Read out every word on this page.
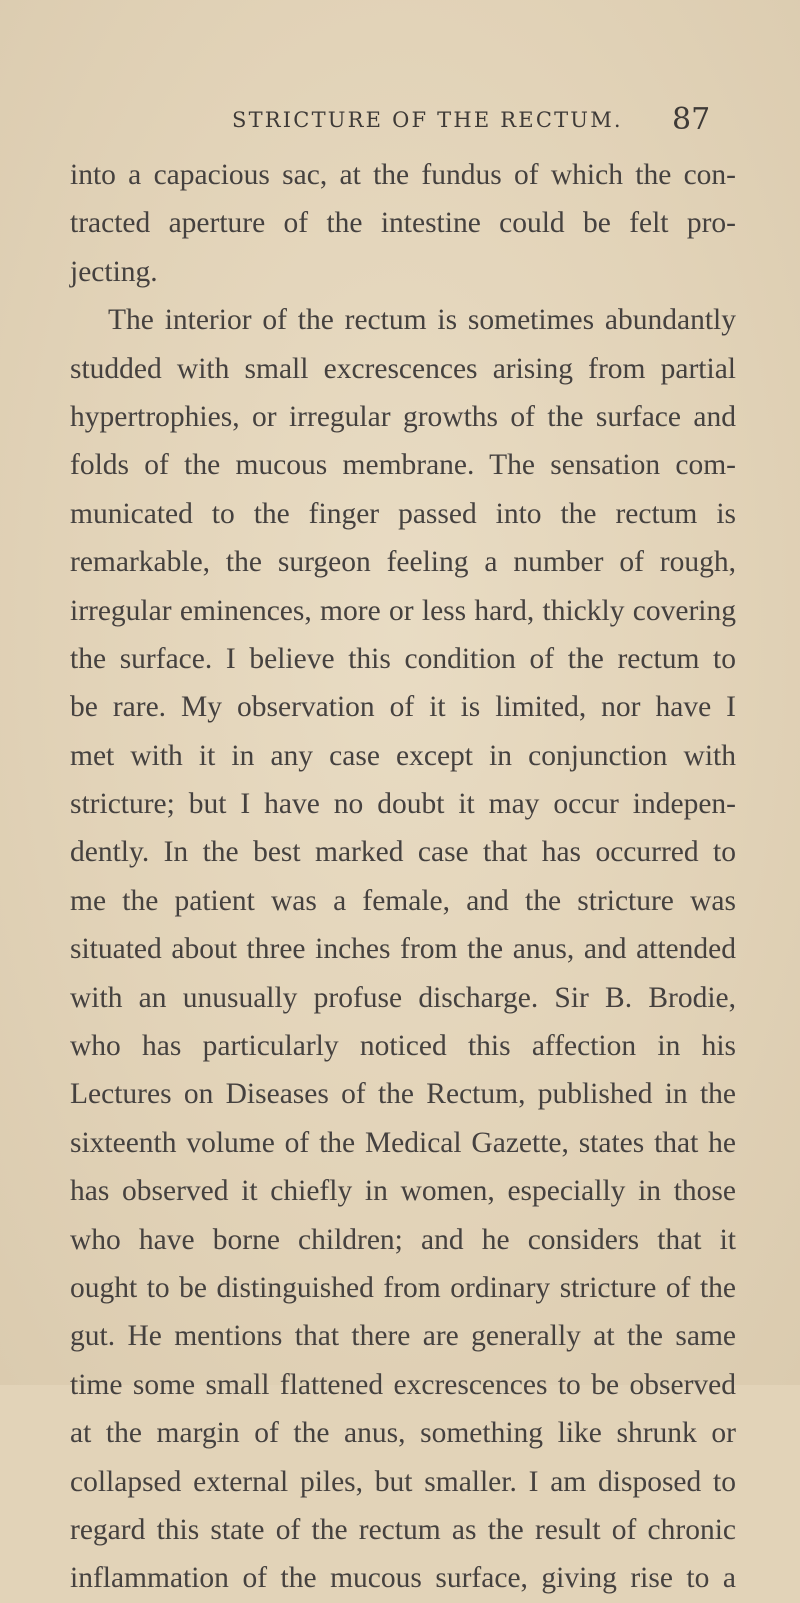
STRICTURE OF THE RECTUM. 87
into a capacious sac, at the fundus of which the con-
tracted aperture of the intestine could be felt pro-
jecting.
The interior of the rectum is sometimes abundantly
studded with small excrescences arising from partial
hypertrophies, or irregular growths of the surface and
folds of the mucous membrane. The sensation com-
municated to the finger passed into the rectum is
remarkable, the surgeon feeling a number of rough,
irregular eminences, more or less hard, thickly covering
the surface. I believe this condition of the rectum to
be rare. My observation of it is limited, nor have I
met with it in any case except in conjunction with
stricture; but I have no doubt it may occur indepen-
dently. In the best marked case that has occurred to
me the patient was a female, and the stricture was
situated about three inches from the anus, and attended
with an unusually profuse discharge. Sir B. Brodie,
who has particularly noticed this affection in his
Lectures on Diseases of the Rectum, published in the
sixteenth volume of the Medical Gazette, states that he
has observed it chiefly in women, especially in those
who have borne children; and he considers that it
ought to be distinguished from ordinary stricture of the
gut. He mentions that there are generally at the same
time some small flattened excrescences to be observed
at the margin of the anus, something like shrunk or
collapsed external piles, but smaller. I am disposed to
regard this state of the rectum as the result of chronic
inflammation of the mucous surface, giving rise to a
